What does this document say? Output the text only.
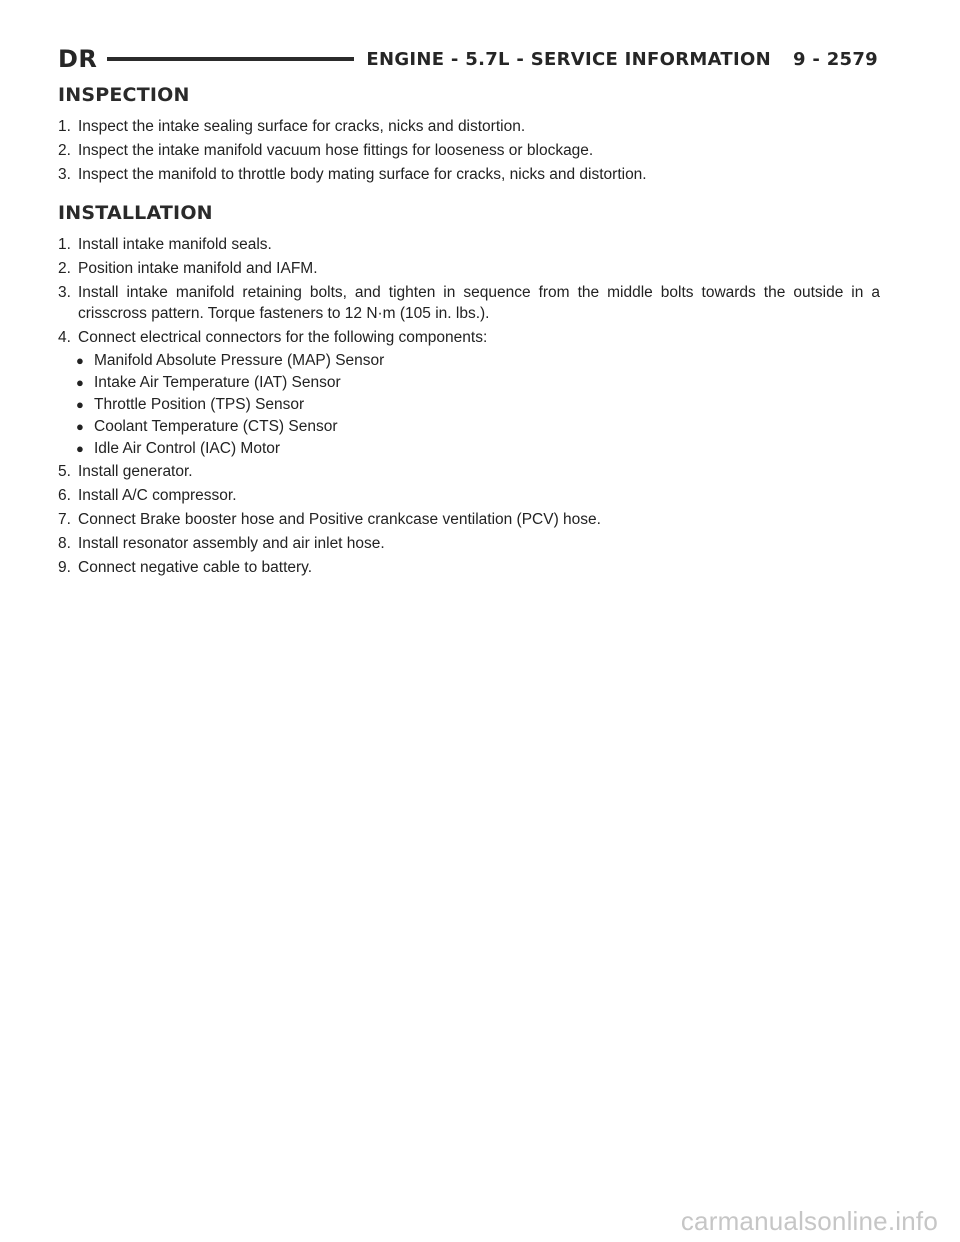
DR	ENGINE - 5.7L - SERVICE INFORMATION 9 - 2579
INSPECTION
1. Inspect the intake sealing surface for cracks, nicks and distortion.
2. Inspect the intake manifold vacuum hose fittings for looseness or blockage.
3. Inspect the manifold to throttle body mating surface for cracks, nicks and distortion.
INSTALLATION
1. Install intake manifold seals.
2. Position intake manifold and IAFM.
3. Install intake manifold retaining bolts, and tighten in sequence from the middle bolts towards the outside in a crisscross pattern. Torque fasteners to 12 N·m (105 in. lbs.).
4. Connect electrical connectors for the following components:
● Manifold Absolute Pressure (MAP) Sensor
● Intake Air Temperature (IAT) Sensor
● Throttle Position (TPS) Sensor
● Coolant Temperature (CTS) Sensor
● Idle Air Control (IAC) Motor
5. Install generator.
6. Install A/C compressor.
7. Connect Brake booster hose and Positive crankcase ventilation (PCV) hose.
8. Install resonator assembly and air inlet hose.
9. Connect negative cable to battery.
carmanualsonline.info
